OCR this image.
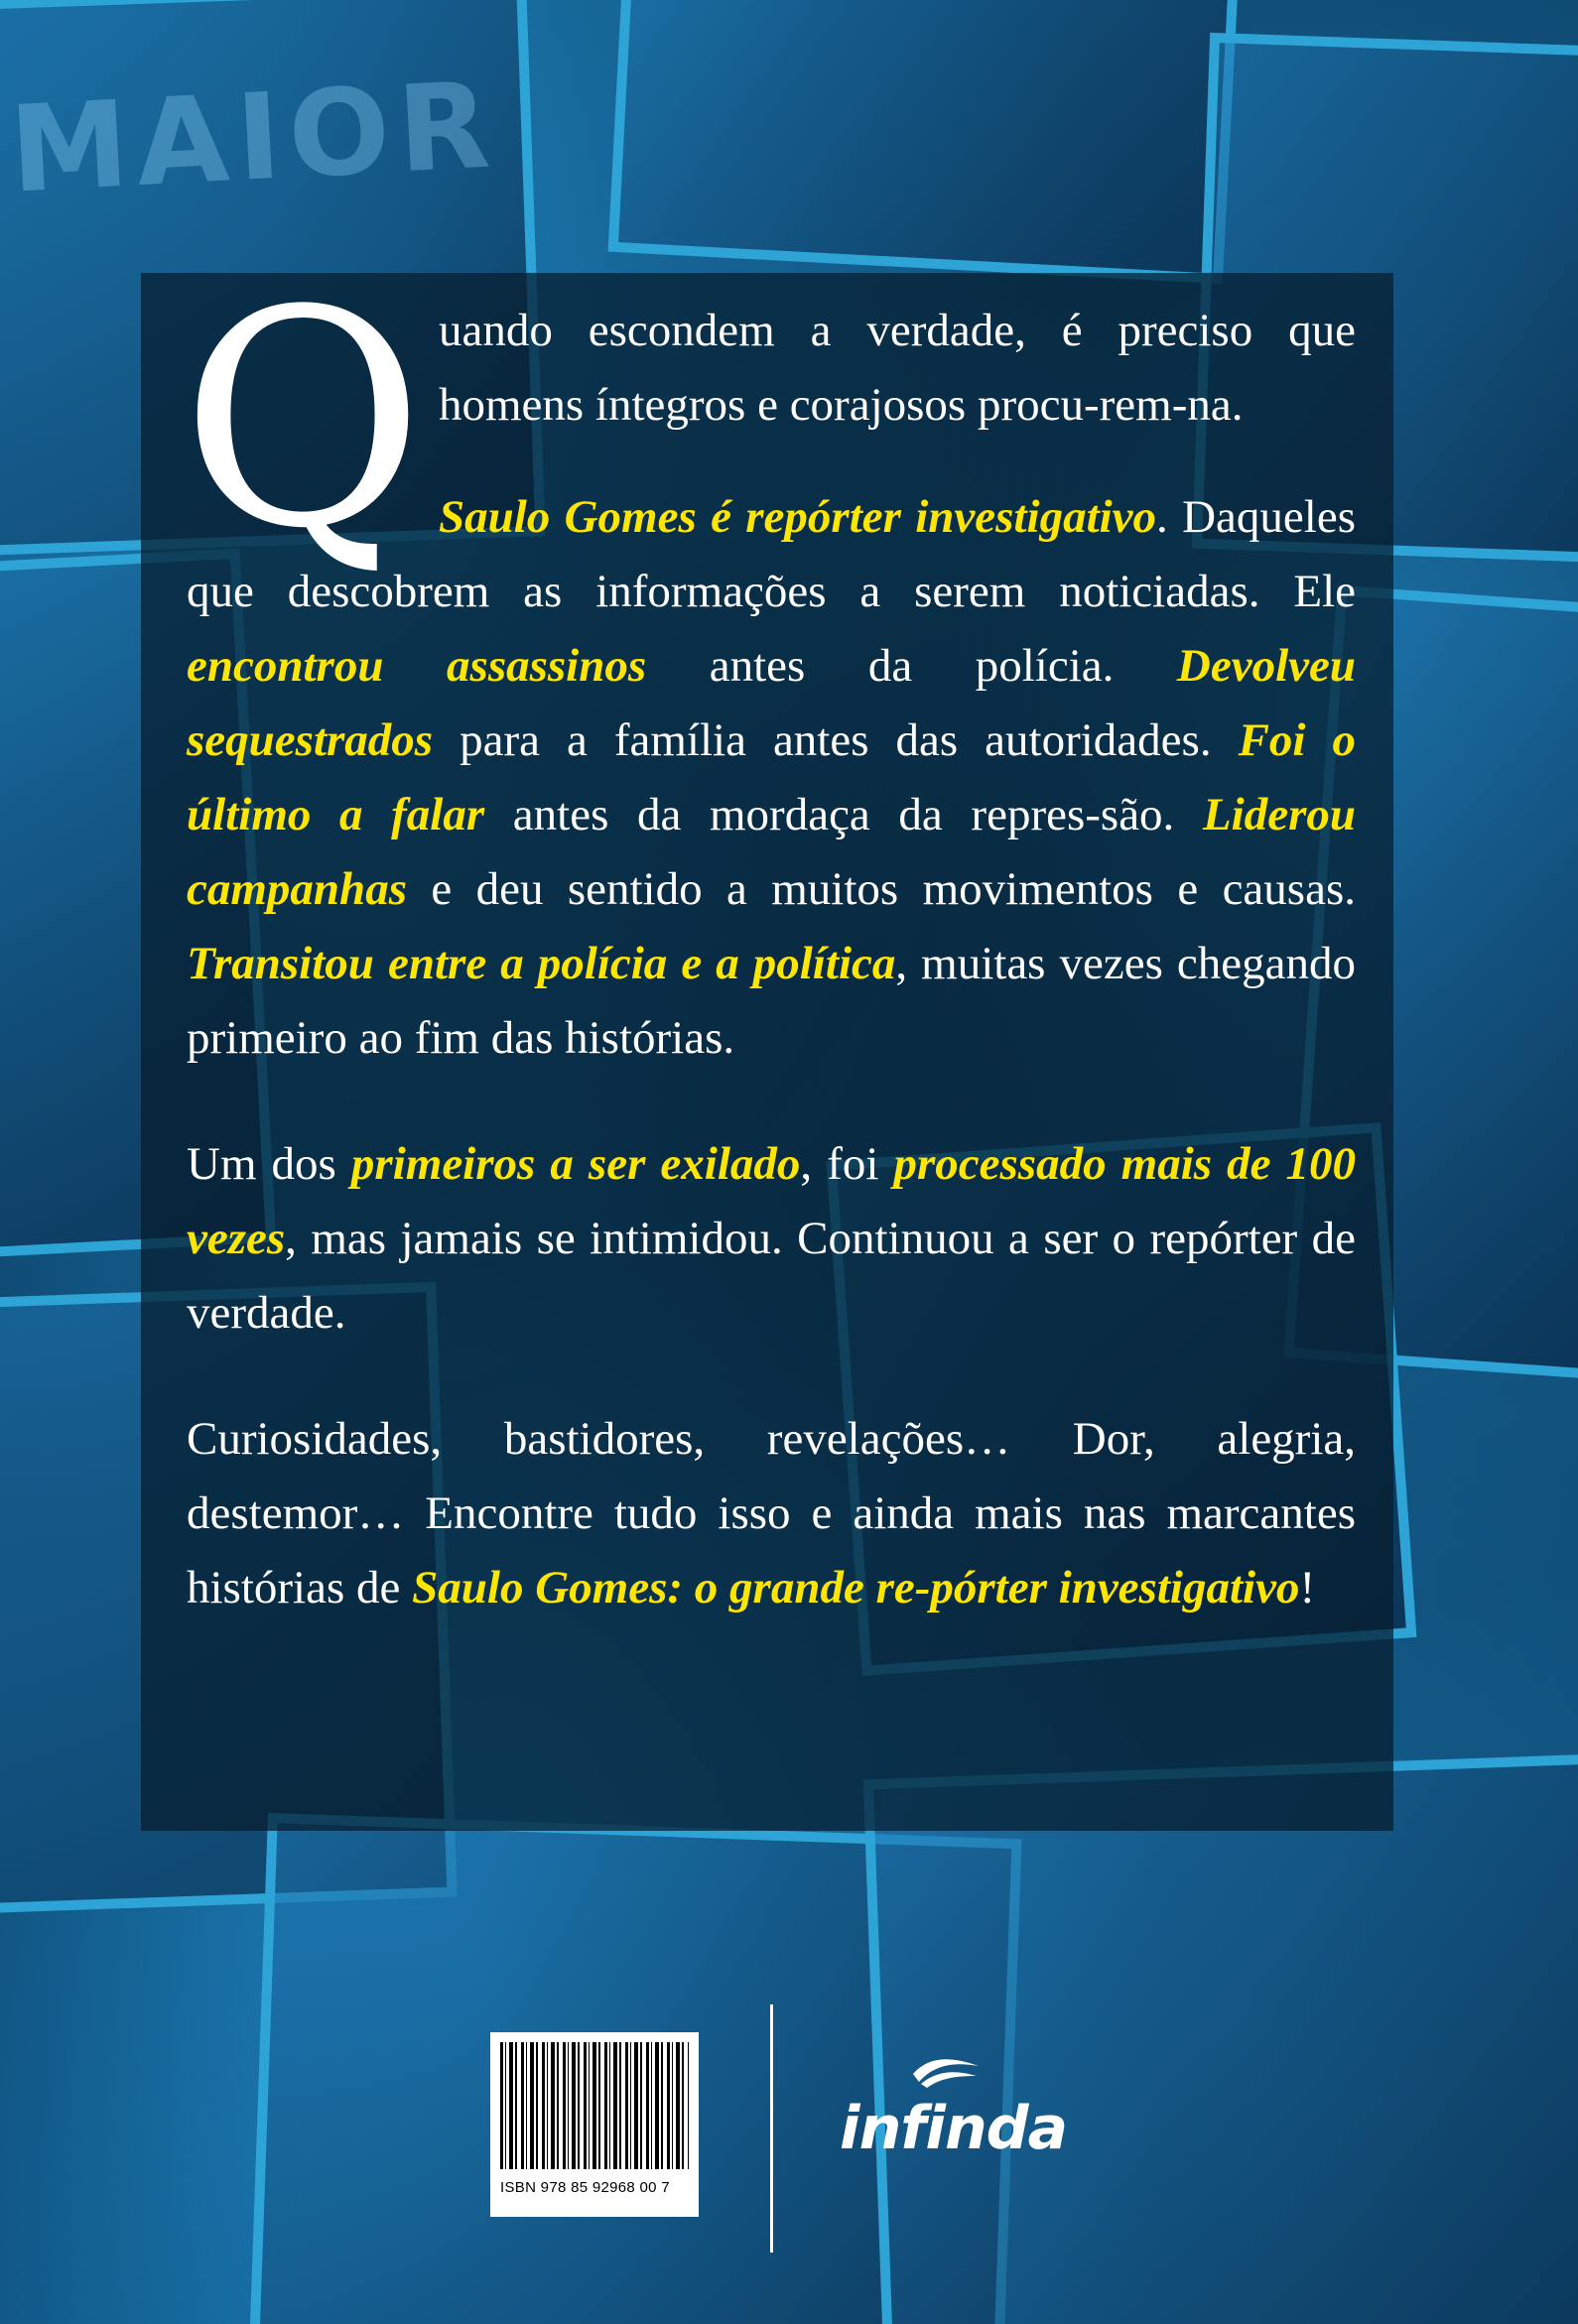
MAIOR

Quando escondem a verdade, é preciso que homens íntegros e corajosos procu-rem-na.

Saulo Gomes é repórter investigativo. Daqueles que descobrem as informações a serem noticiadas. Ele encontrou assassinos antes da polícia. Devolveu sequestrados para a família antes das autoridades. Foi o último a falar antes da mordaça da repres-são. Liderou campanhas e deu sentido a muitos movimentos e causas. Transitou entre a polícia e a política, muitas vezes chegando primeiro ao fim das histórias.

Um dos primeiros a ser exilado, foi processado mais de 100 vezes, mas jamais se intimidou. Continuou a ser o repórter de verdade.

Curiosidades, bastidores, revelações… Dor, alegria, destemor… Encontre tudo isso e ainda mais nas marcantes histórias de Saulo Gomes: o grande re-pórter investigativo!

ISBN 978 85 92968 00 7
infinda
